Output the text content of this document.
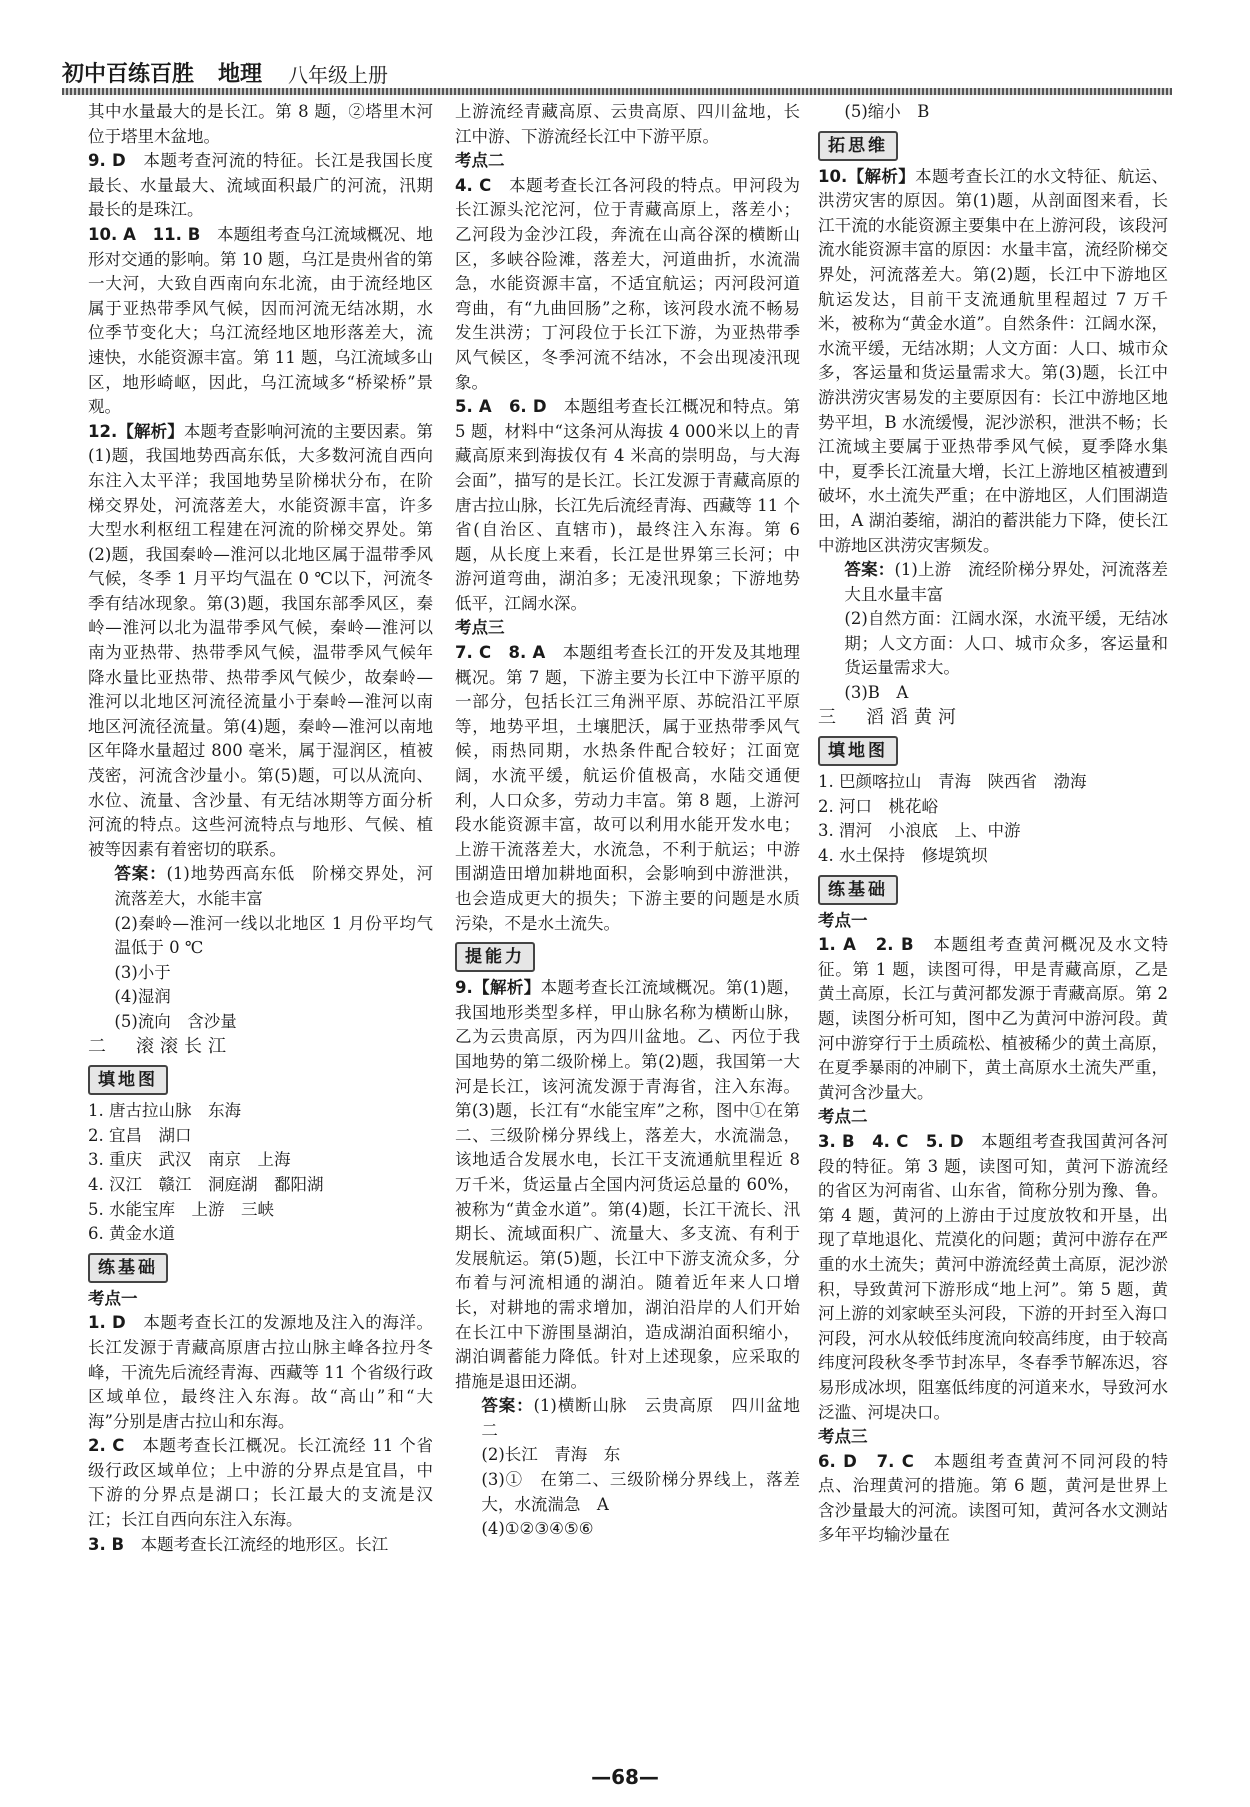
初中百练百胜 地理 八年级上册

其中水量最大的是长江。第 8 题，②塔里木河位于塔里木盆地。

9. D　 本题考查河流的特征。长江是我国长度最长、水量最大、流域面积最广的河流，汛期最长的是珠江。

10. A　11. B　 本题组考查乌江流域概况、地形对交通的影响。第 10 题，乌江是贵州省的第一大河，大致自西南向东北流，由于流经地区属于亚热带季风气候，因而河流无结冰期，水位季节变化大；乌江流经地区地形落差大，流速快，水能资源丰富。第 11 题，乌江流域多山区，地形崎岖，因此，乌江流域多“桥梁桥”景观。

12.【解析】本题考查影响河流的主要因素。第(1)题，我国地势西高东低，大多数河流自西向东注入太平洋；我国地势呈阶梯状分布，在阶梯交界处，河流落差大，水能资源丰富，许多大型水利枢纽工程建在河流的阶梯交界处。第(2)题，我国秦岭—淮河以北地区属于温带季风气候，冬季 1 月平均气温在 0 ℃以下，河流冬季有结冰现象。第(3)题，我国东部季风区，秦岭—淮河以北为温带季风气候，秦岭—淮河以南为亚热带、热带季风气候，温带季风气候年降水量比亚热带、热带季风气候少，故秦岭—淮河以北地区河流径流量小于秦岭—淮河以南地区河流径流量。第(4)题，秦岭—淮河以南地区年降水量超过 800 毫米，属于湿润区，植被茂密，河流含沙量小。第(5)题，可以从流向、水位、流量、含沙量、有无结冰期等方面分析河流的特点。这些河流特点与地形、气候、植被等因素有着密切的联系。

答案：(1)地势西高东低　阶梯交界处，河流落差大，水能丰富

(2)秦岭—淮河一线以北地区 1 月份平均气温低于 0 ℃

(3)小于

(4)湿润

(5)流向　含沙量

二　滚滚长江

填地图

1. 唐古拉山脉　东海

2. 宜昌　湖口

3. 重庆　武汉　南京　上海

4. 汉江　赣江　洞庭湖　鄱阳湖

5. 水能宝库　上游　三峡

6. 黄金水道

练基础

考点一

1. D　 本题考查长江的发源地及注入的海洋。长江发源于青藏高原唐古拉山脉主峰各拉丹冬峰，干流先后流经青海、西藏等 11 个省级行政区域单位，最终注入东海。故“高山”和“大海”分别是唐古拉山和东海。

2. C　 本题考查长江概况。长江流经 11 个省级行政区域单位；上中游的分界点是宜昌，中下游的分界点是湖口；长江最大的支流是汉江；长江自西向东注入东海。

3. B　 本题考查长江流经的地形区。长江

上游流经青藏高原、云贵高原、四川盆地，长江中游、下游流经长江中下游平原。

考点二

4. C　 本题考查长江各河段的特点。甲河段为长江源头沱沱河，位于青藏高原上，落差小；乙河段为金沙江段，奔流在山高谷深的横断山区，多峡谷险滩，落差大，河道曲折，水流湍急，水能资源丰富，不适宜航运；丙河段河道弯曲，有“九曲回肠”之称，该河段水流不畅易发生洪涝；丁河段位于长江下游，为亚热带季风气候区，冬季河流不结冰，不会出现凌汛现象。

5. A　6. D　 本题组考查长江概况和特点。第 5 题，材料中“这条河从海拔 4 000米以上的青藏高原来到海拔仅有 4 米高的崇明岛，与大海会面”，描写的是长江。长江发源于青藏高原的唐古拉山脉，长江先后流经青海、西藏等 11 个省(自治区、直辖市)，最终注入东海。第 6 题，从长度上来看，长江是世界第三长河；中游河道弯曲，湖泊多；无凌汛现象；下游地势低平，江阔水深。

考点三

7. C　8. A　 本题组考查长江的开发及其地理概况。第 7 题，下游主要为长江中下游平原的一部分，包括长江三角洲平原、苏皖沿江平原等，地势平坦，土壤肥沃，属于亚热带季风气候，雨热同期，水热条件配合较好；江面宽阔，水流平缓，航运价值极高，水陆交通便利，人口众多，劳动力丰富。第 8 题，上游河段水能资源丰富，故可以利用水能开发水电；上游干流落差大，水流急，不利于航运；中游围湖造田增加耕地面积，会影响到中游泄洪，也会造成更大的损失；下游主要的问题是水质污染，不是水土流失。

提能力

9.【解析】本题考查长江流域概况。第(1)题，我国地形类型多样，甲山脉名称为横断山脉，乙为云贵高原，丙为四川盆地。乙、丙位于我国地势的第二级阶梯上。第(2)题，我国第一大河是长江，该河流发源于青海省，注入东海。第(3)题，长江有“水能宝库”之称，图中①在第二、三级阶梯分界线上，落差大，水流湍急，该地适合发展水电，长江干支流通航里程近 8 万千米，货运量占全国内河货运总量的 60%，被称为“黄金水道”。第(4)题，长江干流长、汛期长、流域面积广、流量大、多支流、有利于发展航运。第(5)题，长江中下游支流众多，分布着与河流相通的湖泊。随着近年来人口增长，对耕地的需求增加，湖泊沿岸的人们开始在长江中下游围垦湖泊，造成湖泊面积缩小，湖泊调蓄能力降低。针对上述现象，应采取的措施是退田还湖。

答案：(1)横断山脉　云贵高原　四川盆地　二

(2)长江　青海　东

(3)①　在第二、三级阶梯分界线上，落差大，水流湍急　A

(4)①②③④⑤⑥

(5)缩小　B

拓思维

10.【解析】本题考查长江的水文特征、航运、洪涝灾害的原因。第(1)题，从剖面图来看，长江干流的水能资源主要集中在上游河段，该段河流水能资源丰富的原因：水量丰富，流经阶梯交界处，河流落差大。第(2)题，长江中下游地区航运发达，目前干支流通航里程超过 7 万千米，被称为“黄金水道”。自然条件：江阔水深，水流平缓，无结冰期；人文方面：人口、城市众多，客运量和货运量需求大。第(3)题，长江中游洪涝灾害易发的主要原因有：长江中游地区地势平坦，B 水流缓慢，泥沙淤积，泄洪不畅；长江流域主要属于亚热带季风气候，夏季降水集中，夏季长江流量大增，长江上游地区植被遭到破坏，水土流失严重；在中游地区，人们围湖造田，A 湖泊萎缩，湖泊的蓄洪能力下降，使长江中游地区洪涝灾害频发。

答案：(1)上游　流经阶梯分界处，河流落差大且水量丰富

(2)自然方面：江阔水深，水流平缓，无结冰期；人文方面：人口、城市众多，客运量和货运量需求大。

(3)B　A

三　滔滔黄河

填地图

1. 巴颜喀拉山　青海　陕西省　渤海

2. 河口　桃花峪

3. 渭河　小浪底　上、中游

4. 水土保持　修堤筑坝

练基础

考点一

1. A　2. B　 本题组考查黄河概况及水文特征。第 1 题，读图可得，甲是青藏高原，乙是黄土高原，长江与黄河都发源于青藏高原。第 2 题，读图分析可知，图中乙为黄河中游河段。黄河中游穿行于土质疏松、植被稀少的黄土高原，在夏季暴雨的冲刷下，黄土高原水土流失严重，黄河含沙量大。

考点二

3. B　4. C　5. D　 本题组考查我国黄河各河段的特征。第 3 题，读图可知，黄河下游流经的省区为河南省、山东省，简称分别为豫、鲁。第 4 题，黄河的上游由于过度放牧和开垦，出现了草地退化、荒漠化的问题；黄河中游存在严重的水土流失；黄河中游流经黄土高原，泥沙淤积，导致黄河下游形成“地上河”。第 5 题，黄河上游的刘家峡至头河段，下游的开封至入海口河段，河水从较低纬度流向较高纬度，由于较高纬度河段秋冬季节封冻早，冬春季节解冻迟，容易形成冰坝，阻塞低纬度的河道来水，导致河水泛滥、河堤决口。

考点三

6. D　7. C　 本题组考查黄河不同河段的特点、治理黄河的措施。第 6 题，黄河是世界上含沙量最大的河流。读图可知，黄河各水文测站多年平均输沙量在

—68—
